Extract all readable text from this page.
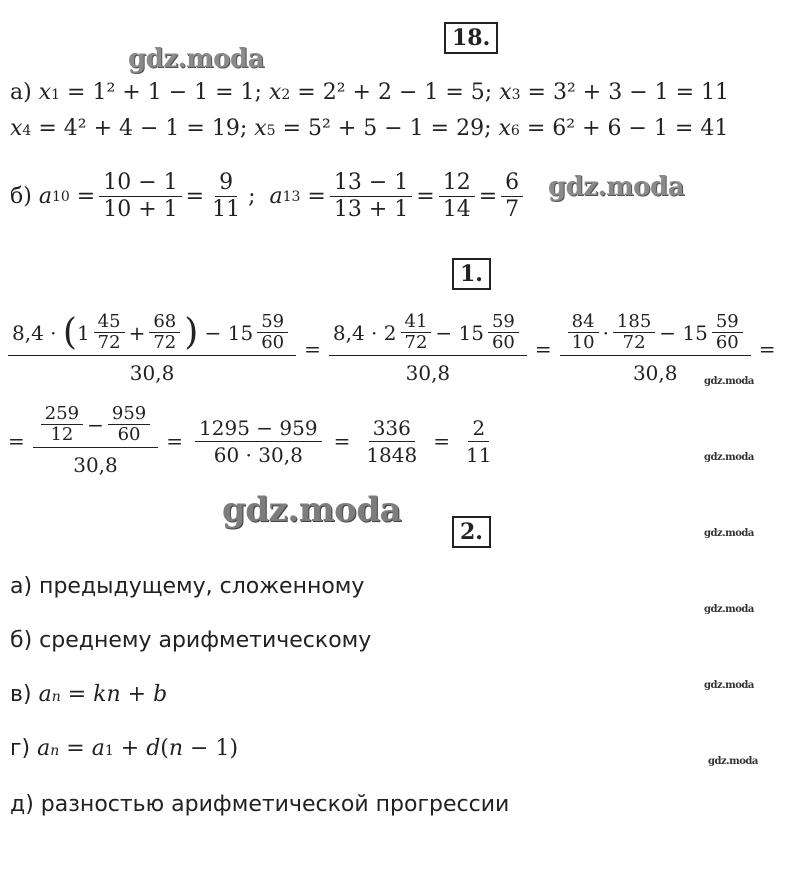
18.
gdz.moda
а)
x 1
= 1² + 1 − 1 = 1;
x 2
= 2² + 2 − 1 = 5;
x 3
= 3² + 3 − 1 = 11
x 4
= 4² + 4 − 1 = 19;
x 5
= 5² + 5 − 1 = 29;
x 6
= 6² + 6 − 1 = 41
б)
a $10 = \frac{10 - 1}{10 + 1} = \frac{9}{11}$ ; a $13 = \frac{13 - 1}{13 + 1} = \frac{12}{14} = \frac{6}{7}$ gdz.moda
1.
$\frac{8,4 \cdot ( 1 \frac{45}{72} + \frac{68}{72} ) - 15 \frac{59}{60}}{30,8} = \frac{8,4 \cdot 2 \frac{41}{72} - 15 \frac{59}{60}}{30,8} = \frac{\frac{84}{10} \cdot \frac{185}{72} - 15 \frac{59}{60}}{30,8}$ =
= $\frac{\frac{259}{12} - \frac{959}{60}}{30,8} = \frac{1295 - 959}{60 \cdot 30,8} = \frac{336}{1848} = \frac{2}{11}$
gdz.moda
2.
а) предыдущему, сложенному
б) среднему арифметическому
в)
a n = kn + b
г)
a n = a 1 + d ( n − 1)
д) разностью арифметической прогрессии
gdz.moda
gdz.moda
gdz.moda
gdz.moda
gdz.moda
gdz.moda
